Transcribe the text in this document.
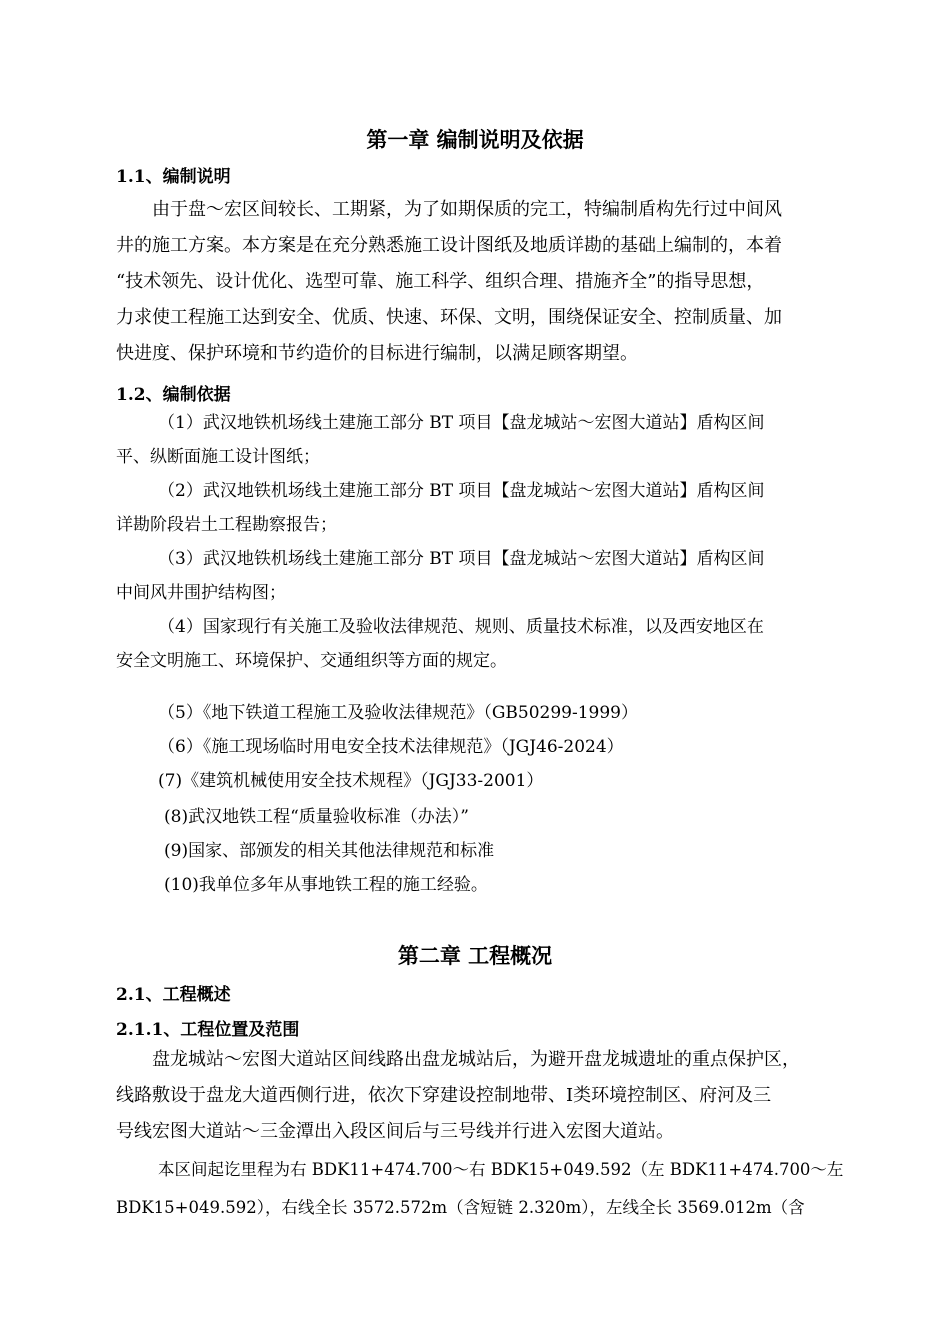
第一章 编制说明及依据
1.1、编制说明
由于盘～宏区间较长、工期紧，为了如期保质的完工，特编制盾构先行过中间风
井的施工方案。本方案是在充分熟悉施工设计图纸及地质详勘的基础上编制的，本着
“技术领先、设计优化、选型可靠、施工科学、组织合理、措施齐全”的指导思想，
力求使工程施工达到安全、优质、快速、环保、文明，围绕保证安全、控制质量、加
快进度、保护环境和节约造价的目标进行编制，以满足顾客期望。
1.2、编制依据
（1）武汉地铁机场线土建施工部分 BT 项目【盘龙城站～宏图大道站】盾构区间
平、纵断面施工设计图纸；
（2）武汉地铁机场线土建施工部分 BT 项目【盘龙城站～宏图大道站】盾构区间
详勘阶段岩土工程勘察报告；
（3）武汉地铁机场线土建施工部分 BT 项目【盘龙城站～宏图大道站】盾构区间
中间风井围护结构图；
（4）国家现行有关施工及验收法律规范、规则、质量技术标准，以及西安地区在
安全文明施工、环境保护、交通组织等方面的规定。
（5）《地下铁道工程施工及验收法律规范》（GB50299-1999）
（6）《施工现场临时用电安全技术法律规范》（JGJ46-2024）
(7)《建筑机械使用安全技术规程》（JGJ33-2001）
(8)武汉地铁工程“质量验收标准（办法）”
(9)国家、部颁发的相关其他法律规范和标准
(10)我单位多年从事地铁工程的施工经验。
第二章 工程概况
2.1、工程概述
2.1.1、工程位置及范围
盘龙城站～宏图大道站区间线路出盘龙城站后，为避开盘龙城遗址的重点保护区，
线路敷设于盘龙大道西侧行进，依次下穿建设控制地带、Ⅰ类环境控制区、府河及三
号线宏图大道站～三金潭出入段区间后与三号线并行进入宏图大道站。
本区间起讫里程为右 BDK11+474.700～右 BDK15+049.592（左 BDK11+474.700～左
BDK15+049.592），右线全长 3572.572m（含短链 2.320m），左线全长 3569.012m（含
